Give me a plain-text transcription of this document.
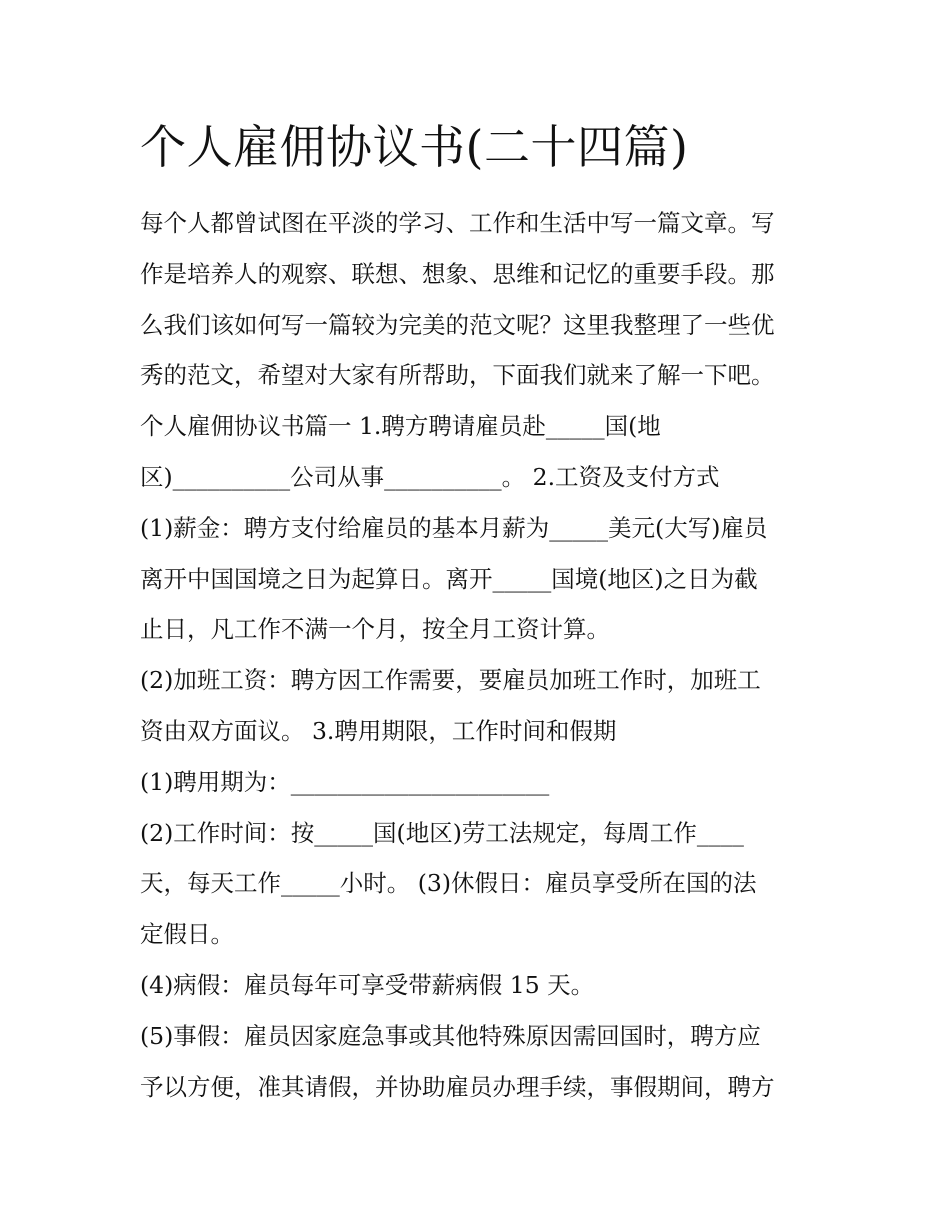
个人雇佣协议书(二十四篇)

每个人都曾试图在平淡的学习、工作和生活中写一篇文章。写

作是培养人的观察、联想、想象、思维和记忆的重要手段。那

么我们该如何写一篇较为完美的范文呢？这里我整理了一些优

秀的范文，希望对大家有所帮助，下面我们就来了解一下吧。

个人雇佣协议书篇一 1.聘方聘请雇员赴_____国(地

区)__________公司从事__________。 2.工资及支付方式

(1)薪金：聘方支付给雇员的基本月薪为_____美元(大写)雇员

离开中国国境之日为起算日。离开_____国境(地区)之日为截

止日，凡工作不满一个月，按全月工资计算。

(2)加班工资：聘方因工作需要，要雇员加班工作时，加班工

资由双方面议。 3.聘用期限，工作时间和假期

(1)聘用期为：______________________

(2)工作时间：按_____国(地区)劳工法规定，每周工作____

天，每天工作_____小时。 (3)休假日：雇员享受所在国的法

定假日。

(4)病假：雇员每年可享受带薪病假 15 天。

(5)事假：雇员因家庭急事或其他特殊原因需回国时，聘方应

予以方便，准其请假，并协助雇员办理手续，事假期间，聘方
